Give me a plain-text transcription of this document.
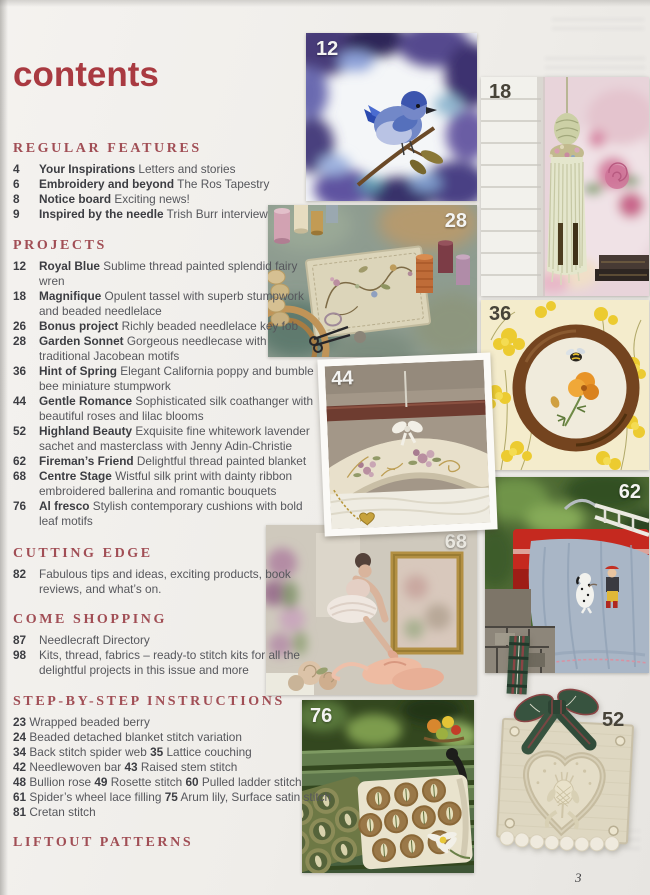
contents
REGULAR FEATURES
4	Your Inspirations Letters and stories
6	Embroidery and beyond The Ros Tapestry
8	Notice board Exciting news!
9	Inspired by the needle Trish Burr interview
PROJECTS
12	Royal Blue Sublime thread painted splendid fairy wren
18	Magnifique Opulent tassel with superb stumpwork and beaded needlelace
26	Bonus project Richly beaded needlelace key fob
28	Garden Sonnet Gorgeous needlecase with traditional Jacobean motifs
36	Hint of Spring Elegant California poppy and bumble bee miniature stumpwork
44	Gentle Romance Sophisticated silk coathanger with beautiful roses and lilac blooms
52	Highland Beauty Exquisite fine whitework lavender sachet and masterclass with Jenny Adin-Christie
62	Fireman’s Friend Delightful thread painted blanket
68	Centre Stage Wistful silk print with dainty ribbon embroidered ballerina and romantic bouquets
76	Al fresco Stylish contemporary cushions with bold leaf motifs
CUTTING EDGE
82	Fabulous tips and ideas, exciting products, book reviews, and what’s on.
COME SHOPPING
87	Needlecraft Directory
98	Kits, thread, fabrics – ready-to stitch kits for all the delightful projects in this issue and more
STEP-BY-STEP INSTRUCTIONS
23 Wrapped beaded berry
24 Beaded detached blanket stitch variation
34 Back stitch spider web 35 Lattice couching
42 Needlewoven bar 43 Raised stem stitch
48 Bullion rose 49 Rosette stitch 60 Pulled ladder stitch
61 Spider’s wheel lace filling 75 Arum lily, Surface satin stitch
81 Cretan stitch
LIFTOUT PATTERNS
12
18
28
36
44
62
68
76	52
3
